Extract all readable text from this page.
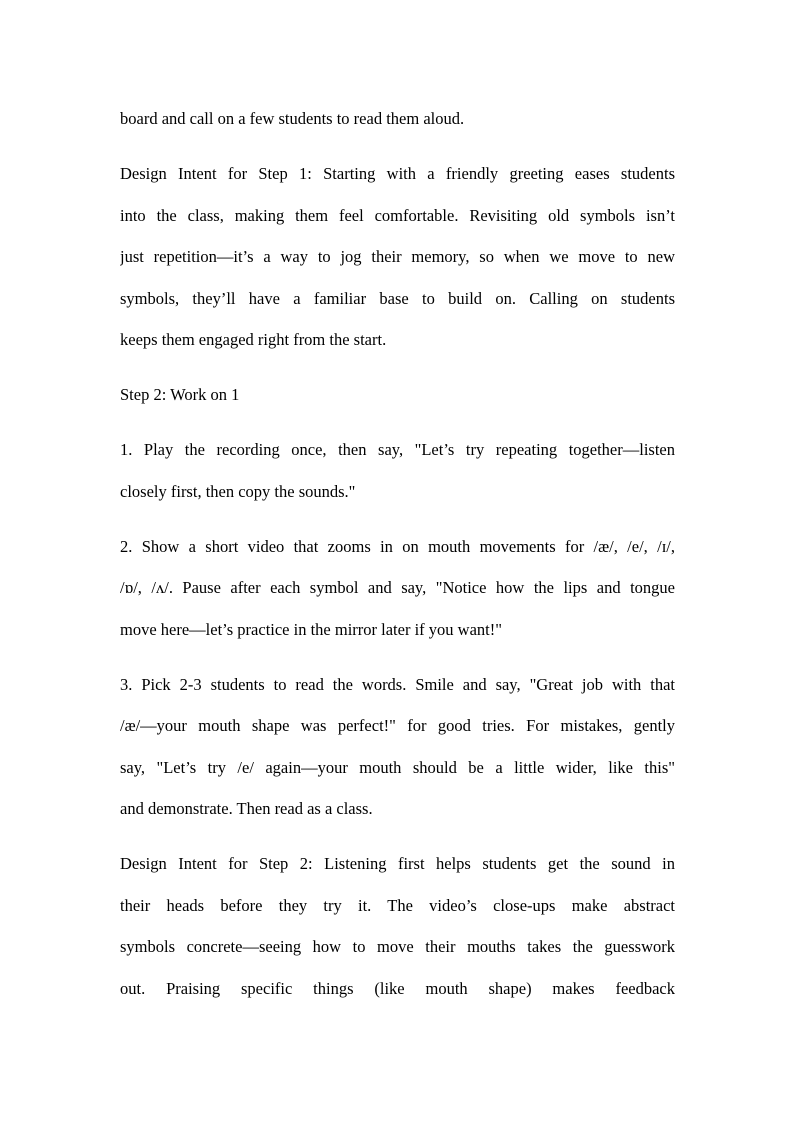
board and call on a few students to read them aloud.
Design Intent for Step 1: Starting with a friendly greeting eases students
into the class, making them feel comfortable. Revisiting old symbols isn’t
just repetition—it’s a way to jog their memory, so when we move to new
symbols, they’ll have a familiar base to build on. Calling on students
keeps them engaged right from the start.
Step 2: Work on 1
1. Play the recording once, then say, "Let’s try repeating together—listen
closely first, then copy the sounds."
2. Show a short video that zooms in on mouth movements for /æ/, /e/, /ɪ/,
/ɒ/, /ʌ/. Pause after each symbol and say, "Notice how the lips and tongue
move here—let’s practice in the mirror later if you want!"
3. Pick 2-3 students to read the words. Smile and say, "Great job with that
/æ/—your mouth shape was perfect!" for good tries. For mistakes, gently
say, "Let’s try /e/ again—your mouth should be a little wider, like this"
and demonstrate. Then read as a class.
Design Intent for Step 2: Listening first helps students get the sound in
their heads before they try it. The video’s close-ups make abstract
symbols concrete—seeing how to move their mouths takes the guesswork
out. Praising specific things (like mouth shape) makes feedback
